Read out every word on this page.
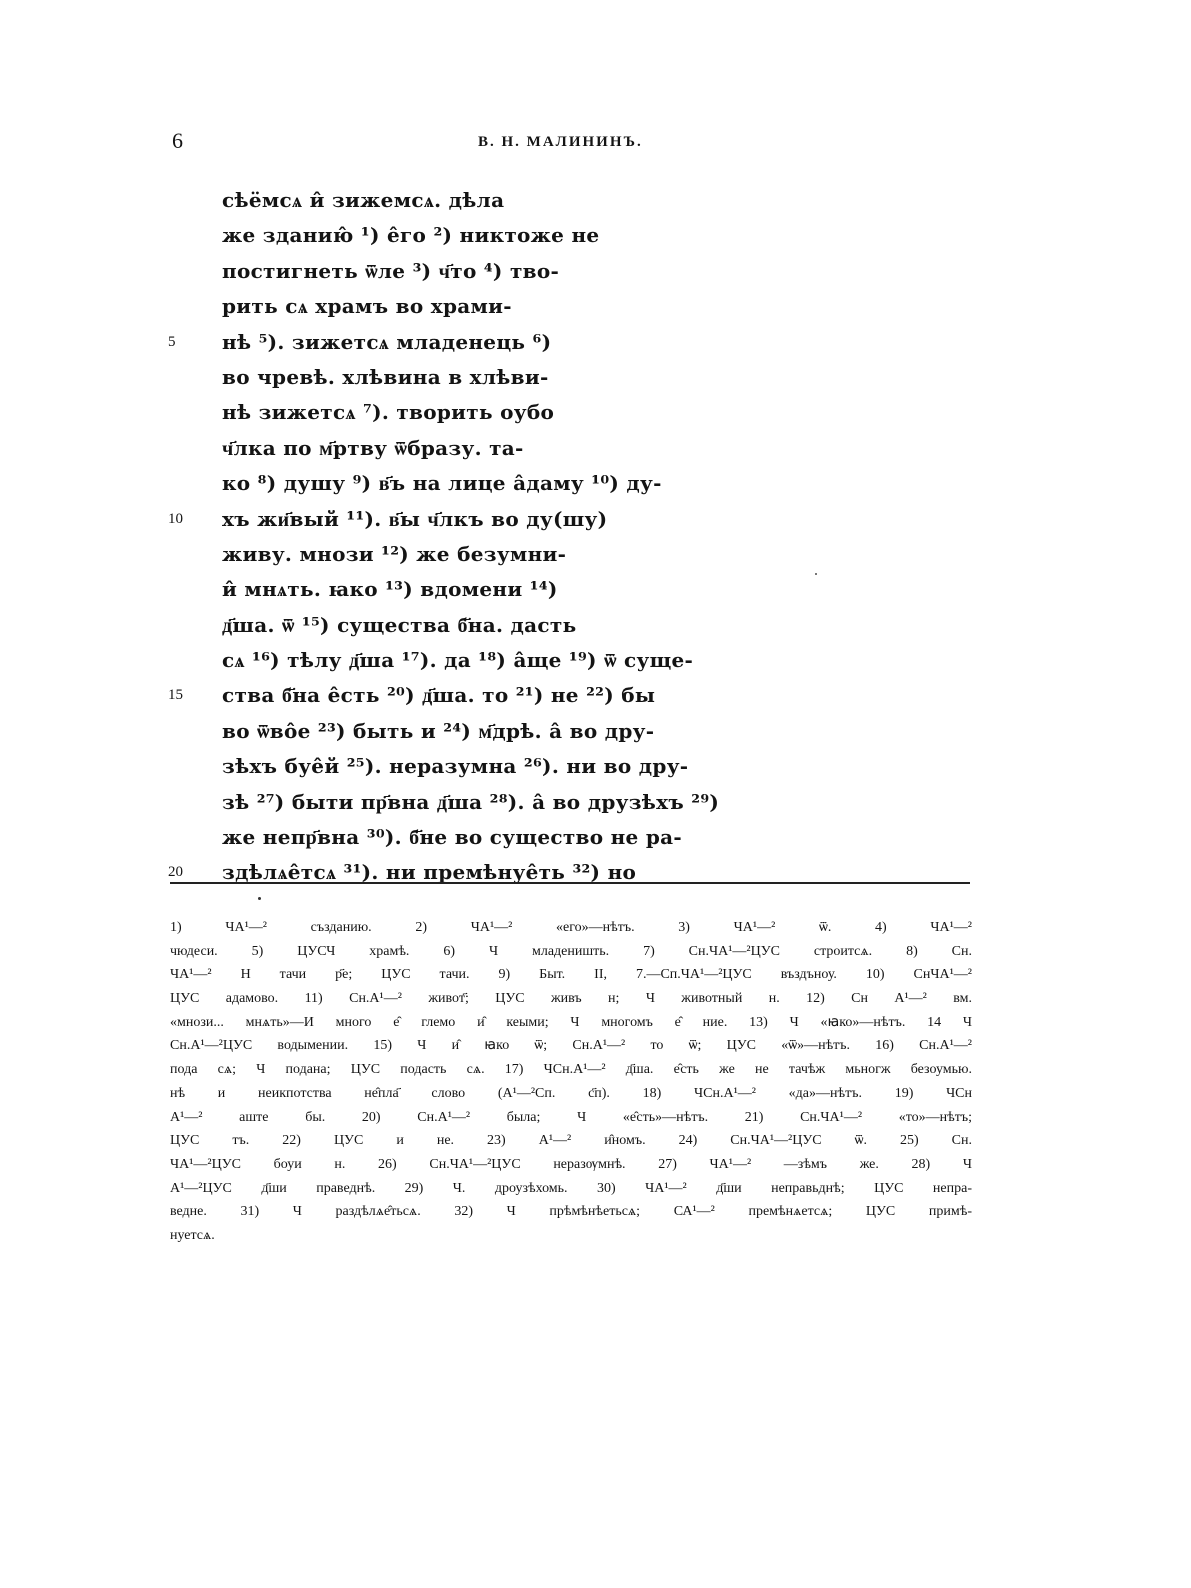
6	В. Н. МАЛИНИНЪ.
сѣёмсѧ и̂ зижемсѧ. дѣла
же зданию̂ ¹) е̂го ²) никтоже не
постигнеть ѿле ³) ч҃то ⁴) тво-
рить сѧ храмъ во храми-
5	нѣ ⁵). зижетсѧ младенець ⁶)
во чревѣ. хлѣвина в хлѣви-
нѣ зижетсѧ ⁷). творить оубо
ч҃лка по м҃ртву ѿбразу. та-
ко ⁸) душу ⁹) в҃ъ на лице а̂даму ¹⁰) ду-
10	хъ жи҃вый ¹¹). в҃ы ч҃лкъ во ду(шу)
живу. мнози ¹²) же безумни-
и̂ мнѧть. ꙗко ¹³) вдомени ¹⁴)
д҃ша. ѿ ¹⁵) существа б҃на. дасть
сѧ ¹⁶) тѣлу д҃ша ¹⁷). да ¹⁸) а̂ще ¹⁹) ѿ суще-
15	ства б҃на е̂сть ²⁰) д҃ша. то ²¹) не ²²) бы
во ѿво̂е ²³) быть и ²⁴) м҃дрѣ. а̂ во дру-
зѣхъ буе̂й ²⁵). неразумна ²⁶). ни во дру-
зѣ ²⁷) быти пр҃вна д҃ша ²⁸). а̂ во друзѣхъ ²⁹)
же непр҃вна ³⁰). б҃не во существо не ра-
20	здѣлѧе̂тсѧ ³¹). ни премѣнуе̂ть ³²) но
1) ЧА¹—² създанию. 2) ЧА¹—² «его»—нѣтъ. 3) ЧА¹—² ѿ. 4) ЧА¹—²
чюдеси. 5) ЦУСЧ храмѣ. 6) Ч младеништь. 7) Сн.ЧА¹—²ЦУС строитсѧ. 8) Сн.
ЧА¹—² Н тачи р҃е; ЦУС тачи. 9) Быт. II, 7.—Сп.ЧА¹—²ЦУС въздъноу. 10) СнЧА¹—²
ЦУС адамово. 11) Сн.А¹—² живот҃; ЦУС живъ н; Ч животный н. 12) Сн А¹—² вм.
«мнози... мнѧть»—И много е̂ глемо и̂ кеыми; Ч многомъ е̂ ние. 13) Ч «ꙗко»—нѣтъ. 14 Ч
Сн.А¹—²ЦУС водымении. 15) Ч и̂ ꙗко ѿ; Сн.А¹—² то ѿ; ЦУС «ѿ»—нѣтъ. 16) Сн.А¹—²
пода сѧ; Ч подана; ЦУС подасть сѧ. 17) ЧСн.А¹—² д҃ша. е̂сть же не тачѣж мьногж безоумью.
нѣ и неикпотства не̂пла҃ слово (А¹—²Сп. с҃п). 18) ЧСн.А¹—² «да»—нѣтъ. 19) ЧСн
А¹—² аште бы. 20) Сн.А¹—² была; Ч «е̂сть»—нѣтъ. 21) Сн.ЧА¹—² «то»—нѣтъ;
ЦУС тъ. 22) ЦУС и не. 23) А¹—² и̂номъ. 24) Сн.ЧА¹—²ЦУС ѿ. 25) Сн.
ЧА¹—²ЦУС боуи н. 26) Сн.ЧА¹—²ЦУС неразѹмнѣ. 27) ЧА¹—² —зѣмъ же. 28) Ч
А¹—²ЦУС д҃ши праведнѣ. 29) Ч. дроузѣхомь. 30) ЧА¹—² д҃ши неправьднѣ; ЦУС непра-
ведне. 31) Ч раздѣлѧе̂тьсѧ. 32) Ч прѣмѣнѣетьсѧ; СА¹—² премѣнѧетсѧ; ЦУС примѣ-
нуетсѧ.
